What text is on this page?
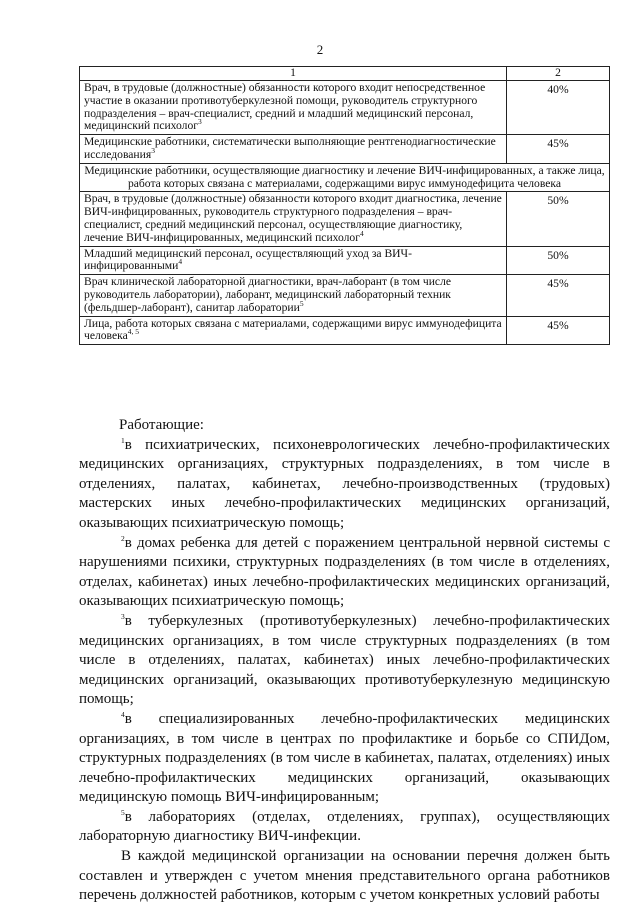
2
1	2
Врач, в трудовые (должностные) обязанности которого входит непосредственное участие в оказании противотуберкулезной помощи, руководитель структурного подразделения – врач-специалист, средний и младший медицинский персонал, медицинский психолог$^3$	40%
Медицинские работники, систематически выполняющие рентгенодиагностические исследования$^3$	45%
Медицинские работники, осуществляющие диагностику и лечение ВИЧ-инфицированных, а также лица, работа которых связана с материалами, содержащими вирус иммунодефицита человека	
Врач, в трудовые (должностные) обязанности которого входит диагностика, лечение ВИЧ-инфицированных, руководитель структурного подразделения – врач-специалист, средний медицинский персонал, осуществляющие диагностику, лечение ВИЧ-инфицированных, медицинский психолог$^4$	50%
Младший медицинский персонал, осуществляющий уход за ВИЧ-инфицированными$^4$	50%
Врач клинической лабораторной диагностики, врач-лаборант (в том числе руководитель лаборатории), лаборант, медицинский лабораторный техник (фельдшер-лаборант), санитар лаборатории$^5$	45%
Лица, работа которых связана с материалами, содержащими вирус иммунодефицита человека$^{4, 5}$	45%

Работающие:

$^1$в психиатрических, психоневрологических лечебно-профилактических медицинских организациях, структурных подразделениях, в том числе в отделениях, палатах, кабинетах, лечебно-производственных (трудовых) мастерских иных лечебно-профилактических медицинских организаций, оказывающих психиатрическую помощь;

$^2$в домах ребенка для детей с поражением центральной нервной системы с нарушениями психики, структурных подразделениях (в том числе в отделениях, отделах, кабинетах) иных лечебно-профилактических медицинских организаций, оказывающих психиатрическую помощь;

$^3$в туберкулезных (противотуберкулезных) лечебно-профилактических медицинских организациях, в том числе структурных подразделениях (в том числе в отделениях, палатах, кабинетах) иных лечебно-профилактических медицинских организаций, оказывающих противотуберкулезную медицинскую помощь;

$^4$в специализированных лечебно-профилактических медицинских организациях, в том числе в центрах по профилактике и борьбе со СПИДом, структурных подразделениях (в том числе в кабинетах, палатах, отделениях) иных лечебно-профилактических медицинских организаций, оказывающих медицинскую помощь ВИЧ-инфицированным;

$^5$в лабораториях (отделах, отделениях, группах), осуществляющих лабораторную диагностику ВИЧ-инфекции.

В каждой медицинской организации на основании перечня должен быть составлен и утвержден с учетом мнения представительного органа работников перечень должностей работников, которым с учетом конкретных условий работы
